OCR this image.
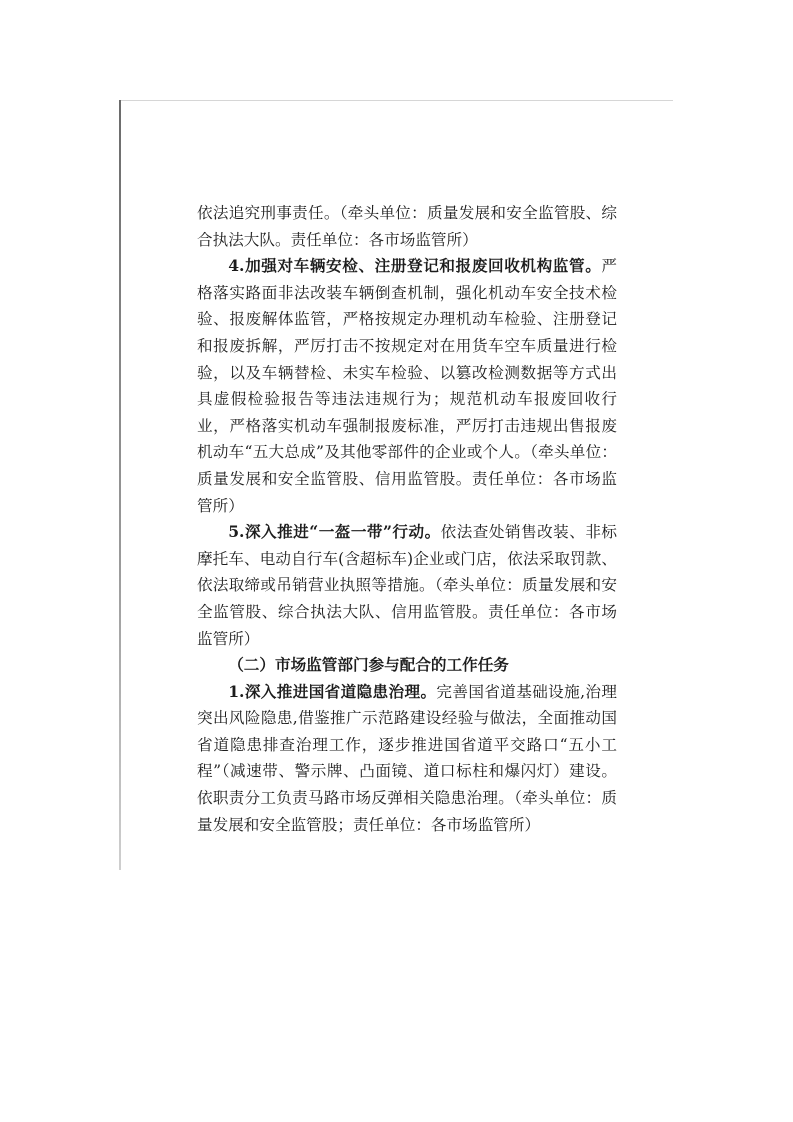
依法追究刑事责任。（牵头单位：质量发展和安全监管股、综合执法大队。责任单位：各市场监管所）

4.加强对车辆安检、注册登记和报废回收机构监管。严格落实路面非法改装车辆倒查机制，强化机动车安全技术检验、报废解体监管，严格按规定办理机动车检验、注册登记和报废拆解，严厉打击不按规定对在用货车空车质量进行检验，以及车辆替检、未实车检验、以篡改检测数据等方式出具虚假检验报告等违法违规行为；规范机动车报废回收行业，严格落实机动车强制报废标准，严厉打击违规出售报废机动车“五大总成”及其他零部件的企业或个人。（牵头单位：质量发展和安全监管股、信用监管股。责任单位：各市场监管所）

5.深入推进“一盔一带”行动。依法查处销售改装、非标摩托车、电动自行车(含超标车)企业或门店，依法采取罚款、依法取缔或吊销营业执照等措施。（牵头单位：质量发展和安全监管股、综合执法大队、信用监管股。责任单位：各市场监管所）

（二）市场监管部门参与配合的工作任务

1.深入推进国省道隐患治理。完善国省道基础设施,治理突出风险隐患,借鉴推广示范路建设经验与做法，全面推动国省道隐患排查治理工作，逐步推进国省道平交路口“五小工程”（减速带、警示牌、凸面镜、道口标柱和爆闪灯）建设。依职责分工负责马路市场反弹相关隐患治理。（牵头单位：质量发展和安全监管股；责任单位：各市场监管所）
